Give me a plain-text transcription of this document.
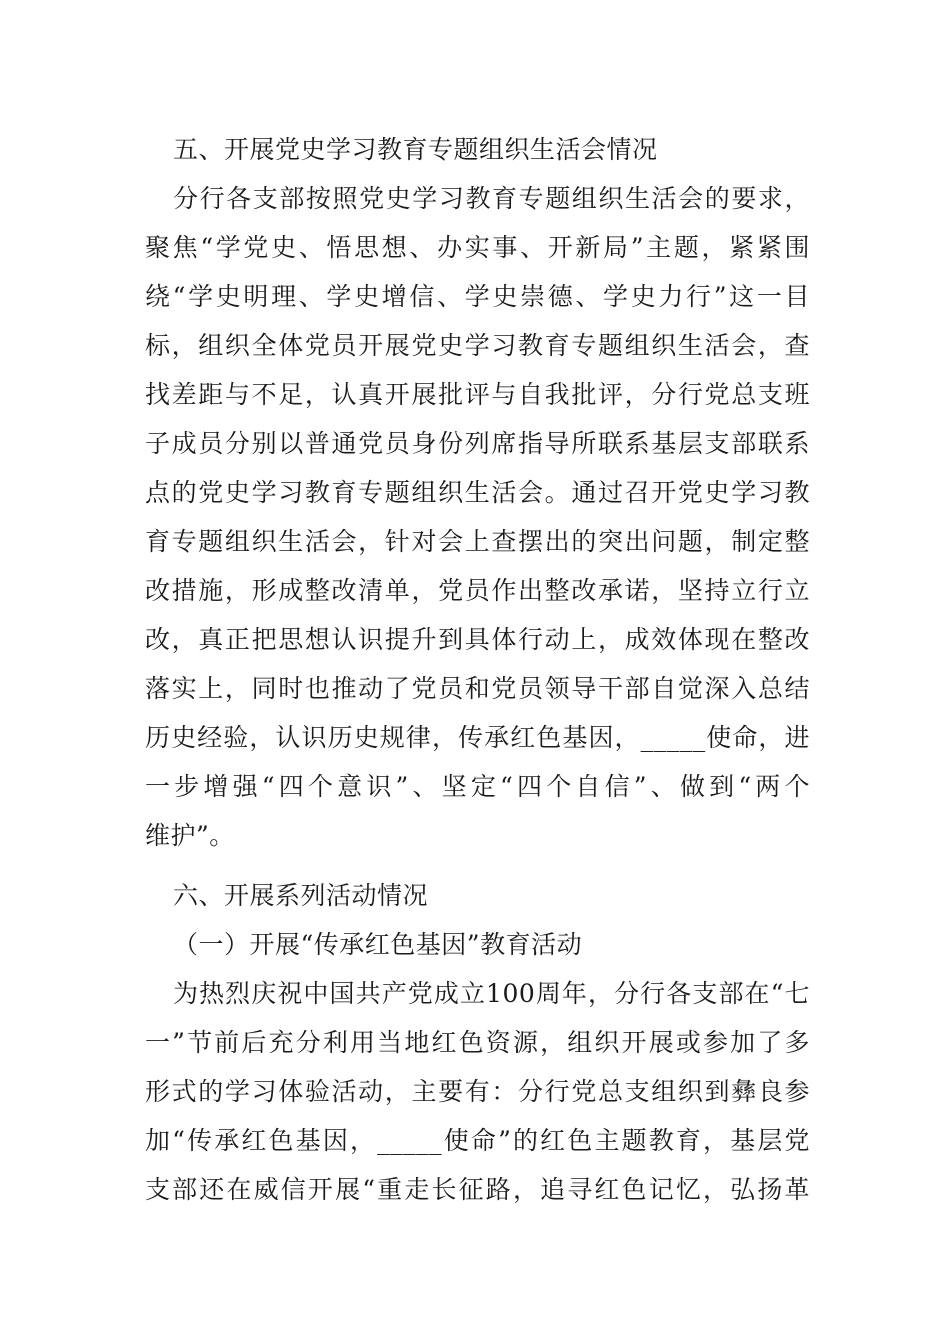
五、开展党史学习教育专题组织生活会情况
分行各支部按照党史学习教育专题组织生活会的要求，
聚焦“学党史、悟思想、办实事、开新局”主题，紧紧围
绕“学史明理、学史增信、学史崇德、学史力行”这一目
标，组织全体党员开展党史学习教育专题组织生活会，查
找差距与不足，认真开展批评与自我批评，分行党总支班
子成员分别以普通党员身份列席指导所联系基层支部联系
点的党史学习教育专题组织生活会。通过召开党史学习教
育专题组织生活会，针对会上查摆出的突出问题，制定整
改措施，形成整改清单，党员作出整改承诺，坚持立行立
改，真正把思想认识提升到具体行动上，成效体现在整改
落实上，同时也推动了党员和党员领导干部自觉深入总结
历史经验，认识历史规律，传承红色基因，_____使命，进
一步增强“四个意识”、坚定“四个自信”、做到“两个
维护”。
六、开展系列活动情况
（一）开展“传承红色基因”教育活动
为热烈庆祝中国共产党成立100周年，分行各支部在“七
一”节前后充分利用当地红色资源，组织开展或参加了多
形式的学习体验活动，主要有：分行党总支组织到彝良参
加“传承红色基因，_____使命”的红色主题教育，基层党
支部还在威信开展“重走长征路，追寻红色记忆，弘扬革
